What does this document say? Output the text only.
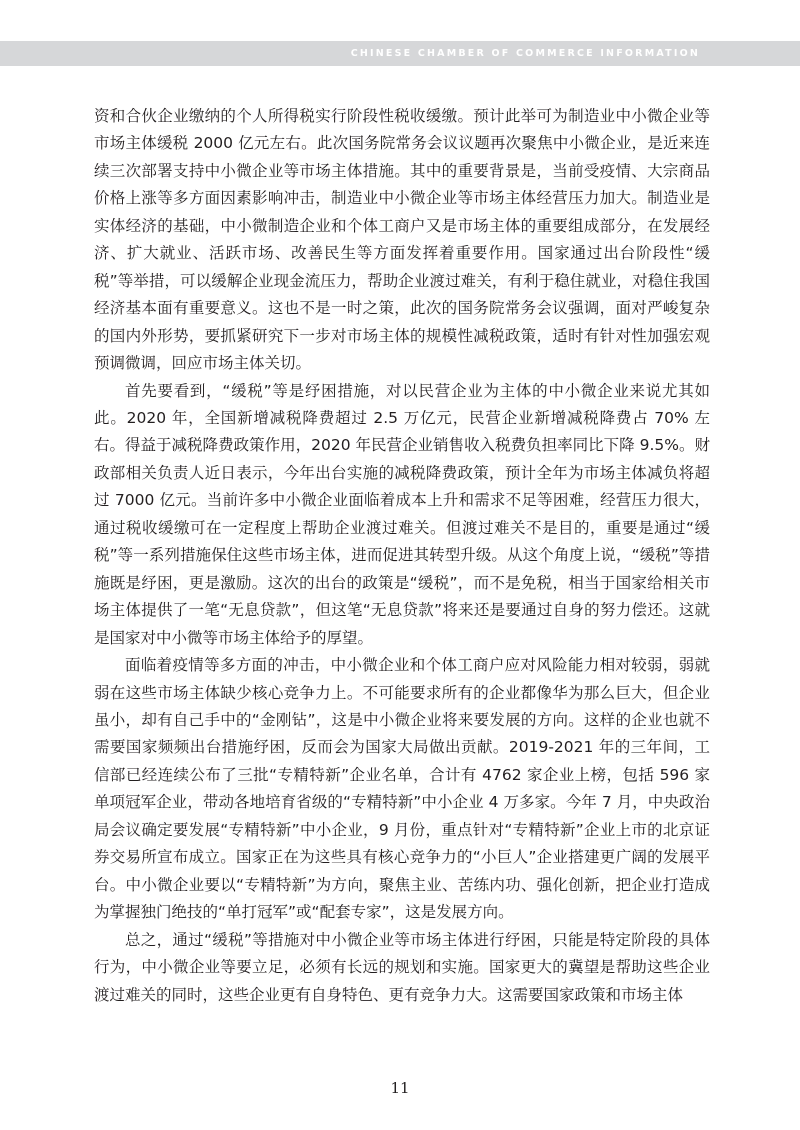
CHINESE CHAMBER OF COMMERCE INFORMATION

资和合伙企业缴纳的个人所得税实行阶段性税收缓缴。预计此举可为制造业中小微企业等市场主体缓税 2000 亿元左右。此次国务院常务会议议题再次聚焦中小微企业，是近来连续三次部署支持中小微企业等市场主体措施。其中的重要背景是，当前受疫情、大宗商品价格上涨等多方面因素影响冲击，制造业中小微企业等市场主体经营压力加大。制造业是实体经济的基础，中小微制造企业和个体工商户又是市场主体的重要组成部分，在发展经济、扩大就业、活跃市场、改善民生等方面发挥着重要作用。国家通过出台阶段性“缓税”等举措，可以缓解企业现金流压力，帮助企业渡过难关，有利于稳住就业，对稳住我国经济基本面有重要意义。这也不是一时之策，此次的国务院常务会议强调，面对严峻复杂的国内外形势，要抓紧研究下一步对市场主体的规模性减税政策，适时有针对性加强宏观预调微调，回应市场主体关切。

首先要看到，“缓税”等是纾困措施，对以民营企业为主体的中小微企业来说尤其如此。2020 年，全国新增减税降费超过 2.5 万亿元，民营企业新增减税降费占 70% 左右。得益于减税降费政策作用，2020 年民营企业销售收入税费负担率同比下降 9.5%。财政部相关负责人近日表示，今年出台实施的减税降费政策，预计全年为市场主体减负将超过 7000 亿元。当前许多中小微企业面临着成本上升和需求不足等困难，经营压力很大，通过税收缓缴可在一定程度上帮助企业渡过难关。但渡过难关不是目的，重要是通过“缓税”等一系列措施保住这些市场主体，进而促进其转型升级。从这个角度上说，“缓税”等措施既是纾困，更是激励。这次的出台的政策是“缓税”，而不是免税，相当于国家给相关市场主体提供了一笔“无息贷款”，但这笔“无息贷款”将来还是要通过自身的努力偿还。这就是国家对中小微等市场主体给予的厚望。

面临着疫情等多方面的冲击，中小微企业和个体工商户应对风险能力相对较弱，弱就弱在这些市场主体缺少核心竞争力上。不可能要求所有的企业都像华为那么巨大，但企业虽小，却有自己手中的“金刚钻”，这是中小微企业将来要发展的方向。这样的企业也就不需要国家频频出台措施纾困，反而会为国家大局做出贡献。2019-2021 年的三年间，工信部已经连续公布了三批“专精特新”企业名单，合计有 4762 家企业上榜，包括 596 家单项冠军企业，带动各地培育省级的“专精特新”中小企业 4 万多家。今年 7 月，中央政治局会议确定要发展“专精特新”中小企业，9 月份，重点针对“专精特新”企业上市的北京证券交易所宣布成立。国家正在为这些具有核心竞争力的“小巨人”企业搭建更广阔的发展平台。中小微企业要以“专精特新”为方向，聚焦主业、苦练内功、强化创新，把企业打造成为掌握独门绝技的“单打冠军”或“配套专家”，这是发展方向。

总之，通过“缓税”等措施对中小微企业等市场主体进行纾困，只能是特定阶段的具体行为，中小微企业等要立足，必须有长远的规划和实施。国家更大的冀望是帮助这些企业渡过难关的同时，这些企业更有自身特色、更有竞争力大。这需要国家政策和市场主体

11
